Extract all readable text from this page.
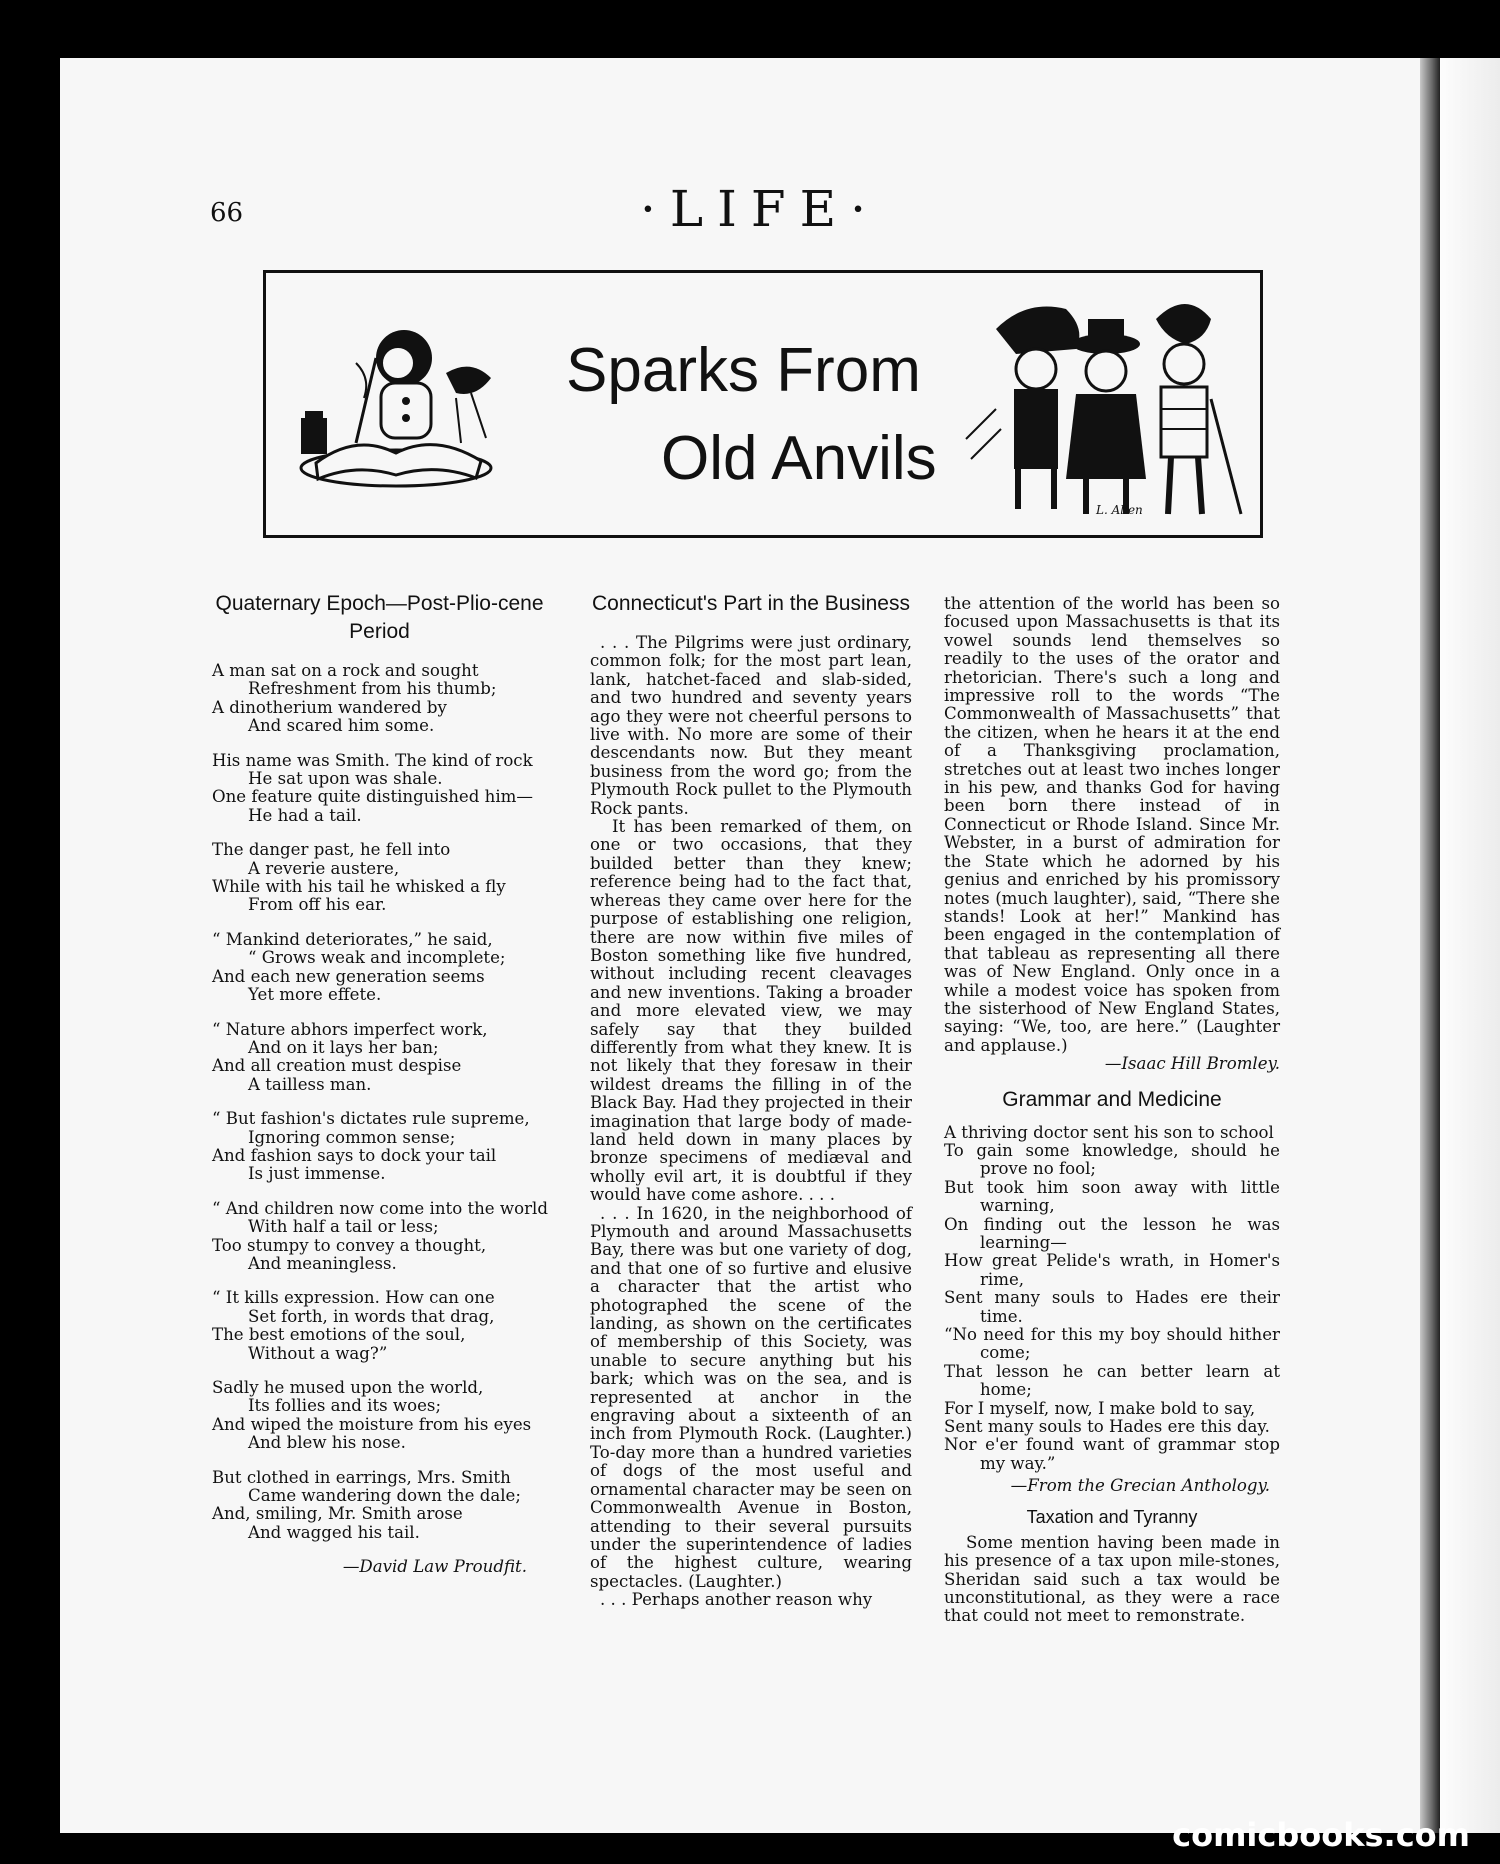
66	·LIFE·
Sparks From
Old Anvils
L. Allen
Quaternary Epoch—Post-Plio-cene Period
A man sat on a rock and sought
Refreshment from his thumb;
A dinotherium wandered by
And scared him some.
His name was Smith. The kind of rock
He sat upon was shale.
One feature quite distinguished him—
He had a tail.
The danger past, he fell into
A reverie austere,
While with his tail he whisked a fly
From off his ear.
“ Mankind deteriorates,” he said,
“ Grows weak and incomplete;
And each new generation seems
Yet more effete.
“ Nature abhors imperfect work,
And on it lays her ban;
And all creation must despise
A tailless man.
“ But fashion's dictates rule supreme,
Ignoring common sense;
And fashion says to dock your tail
Is just immense.
“ And children now come into the world
With half a tail or less;
Too stumpy to convey a thought,
And meaningless.
“ It kills expression. How can one
Set forth, in words that drag,
The best emotions of the soul,
Without a wag?”
Sadly he mused upon the world,
Its follies and its woes;
And wiped the moisture from his eyes
And blew his nose.
But clothed in earrings, Mrs. Smith
Came wandering down the dale;
And, smiling, Mr. Smith arose
And wagged his tail.
—David Law Proudfit.
Connecticut's Part in the Business

. . . The Pilgrims were just ordinary, common folk; for the most part lean, lank, hatchet-faced and slab-sided, and two hundred and seventy years ago they were not cheerful persons to live with. No more are some of their descendants now. But they meant business from the word go; from the Plymouth Rock pullet to the Plymouth Rock pants.

It has been remarked of them, on one or two occasions, that they builded better than they knew; reference being had to the fact that, whereas they came over here for the purpose of establishing one religion, there are now within five miles of Boston something like five hundred, without including recent cleavages and new inventions. Taking a broader and more elevated view, we may safely say that they builded differently from what they knew. It is not likely that they foresaw in their wildest dreams the filling in of the Black Bay. Had they projected in their imagination that large body of made-land held down in many places by bronze specimens of mediæval and wholly evil art, it is doubtful if they would have come ashore. . . .

. . . In 1620, in the neighborhood of Plymouth and around Massachusetts Bay, there was but one variety of dog, and that one of so furtive and elusive a character that the artist who photographed the scene of the landing, as shown on the certificates of membership of this Society, was unable to secure anything but his bark; which was on the sea, and is represented at anchor in the engraving about a sixteenth of an inch from Plymouth Rock. (Laughter.) To-day more than a hundred varieties of dogs of the most useful and ornamental character may be seen on Commonwealth Avenue in Boston, attending to their several pursuits under the superintendence of ladies of the highest culture, wearing spectacles. (Laughter.)

. . . Perhaps another reason why

the attention of the world has been so focused upon Massachusetts is that its vowel sounds lend themselves so readily to the uses of the orator and rhetorician. There's such a long and impressive roll to the words “The Commonwealth of Massachusetts” that the citizen, when he hears it at the end of a Thanksgiving proclamation, stretches out at least two inches longer in his pew, and thanks God for having been born there instead of in Connecticut or Rhode Island. Since Mr. Webster, in a burst of admiration for the State which he adorned by his genius and enriched by his promissory notes (much laughter), said, “There she stands! Look at her!” Mankind has been engaged in the contemplation of that tableau as representing all there was of New England. Only once in a while a modest voice has spoken from the sisterhood of New England States, saying: “We, too, are here.” (Laughter and applause.)

—Isaac Hill Bromley.
Grammar and Medicine
A thriving doctor sent his son to school
To gain some knowledge, should he prove no fool;
But took him soon away with little warning,
On finding out the lesson he was learning—
How great Pelide's wrath, in Homer's rime,
Sent many souls to Hades ere their time.
“No need for this my boy should hither come;
That lesson he can better learn at home;
For I myself, now, I make bold to say,
Sent many souls to Hades ere this day.
Nor e'er found want of grammar stop my way.”
—From the Grecian Anthology.
Taxation and Tyranny

Some mention having been made in his presence of a tax upon mile-stones, Sheridan said such a tax would be unconstitutional, as they were a race that could not meet to remonstrate.

comicbooks.com
